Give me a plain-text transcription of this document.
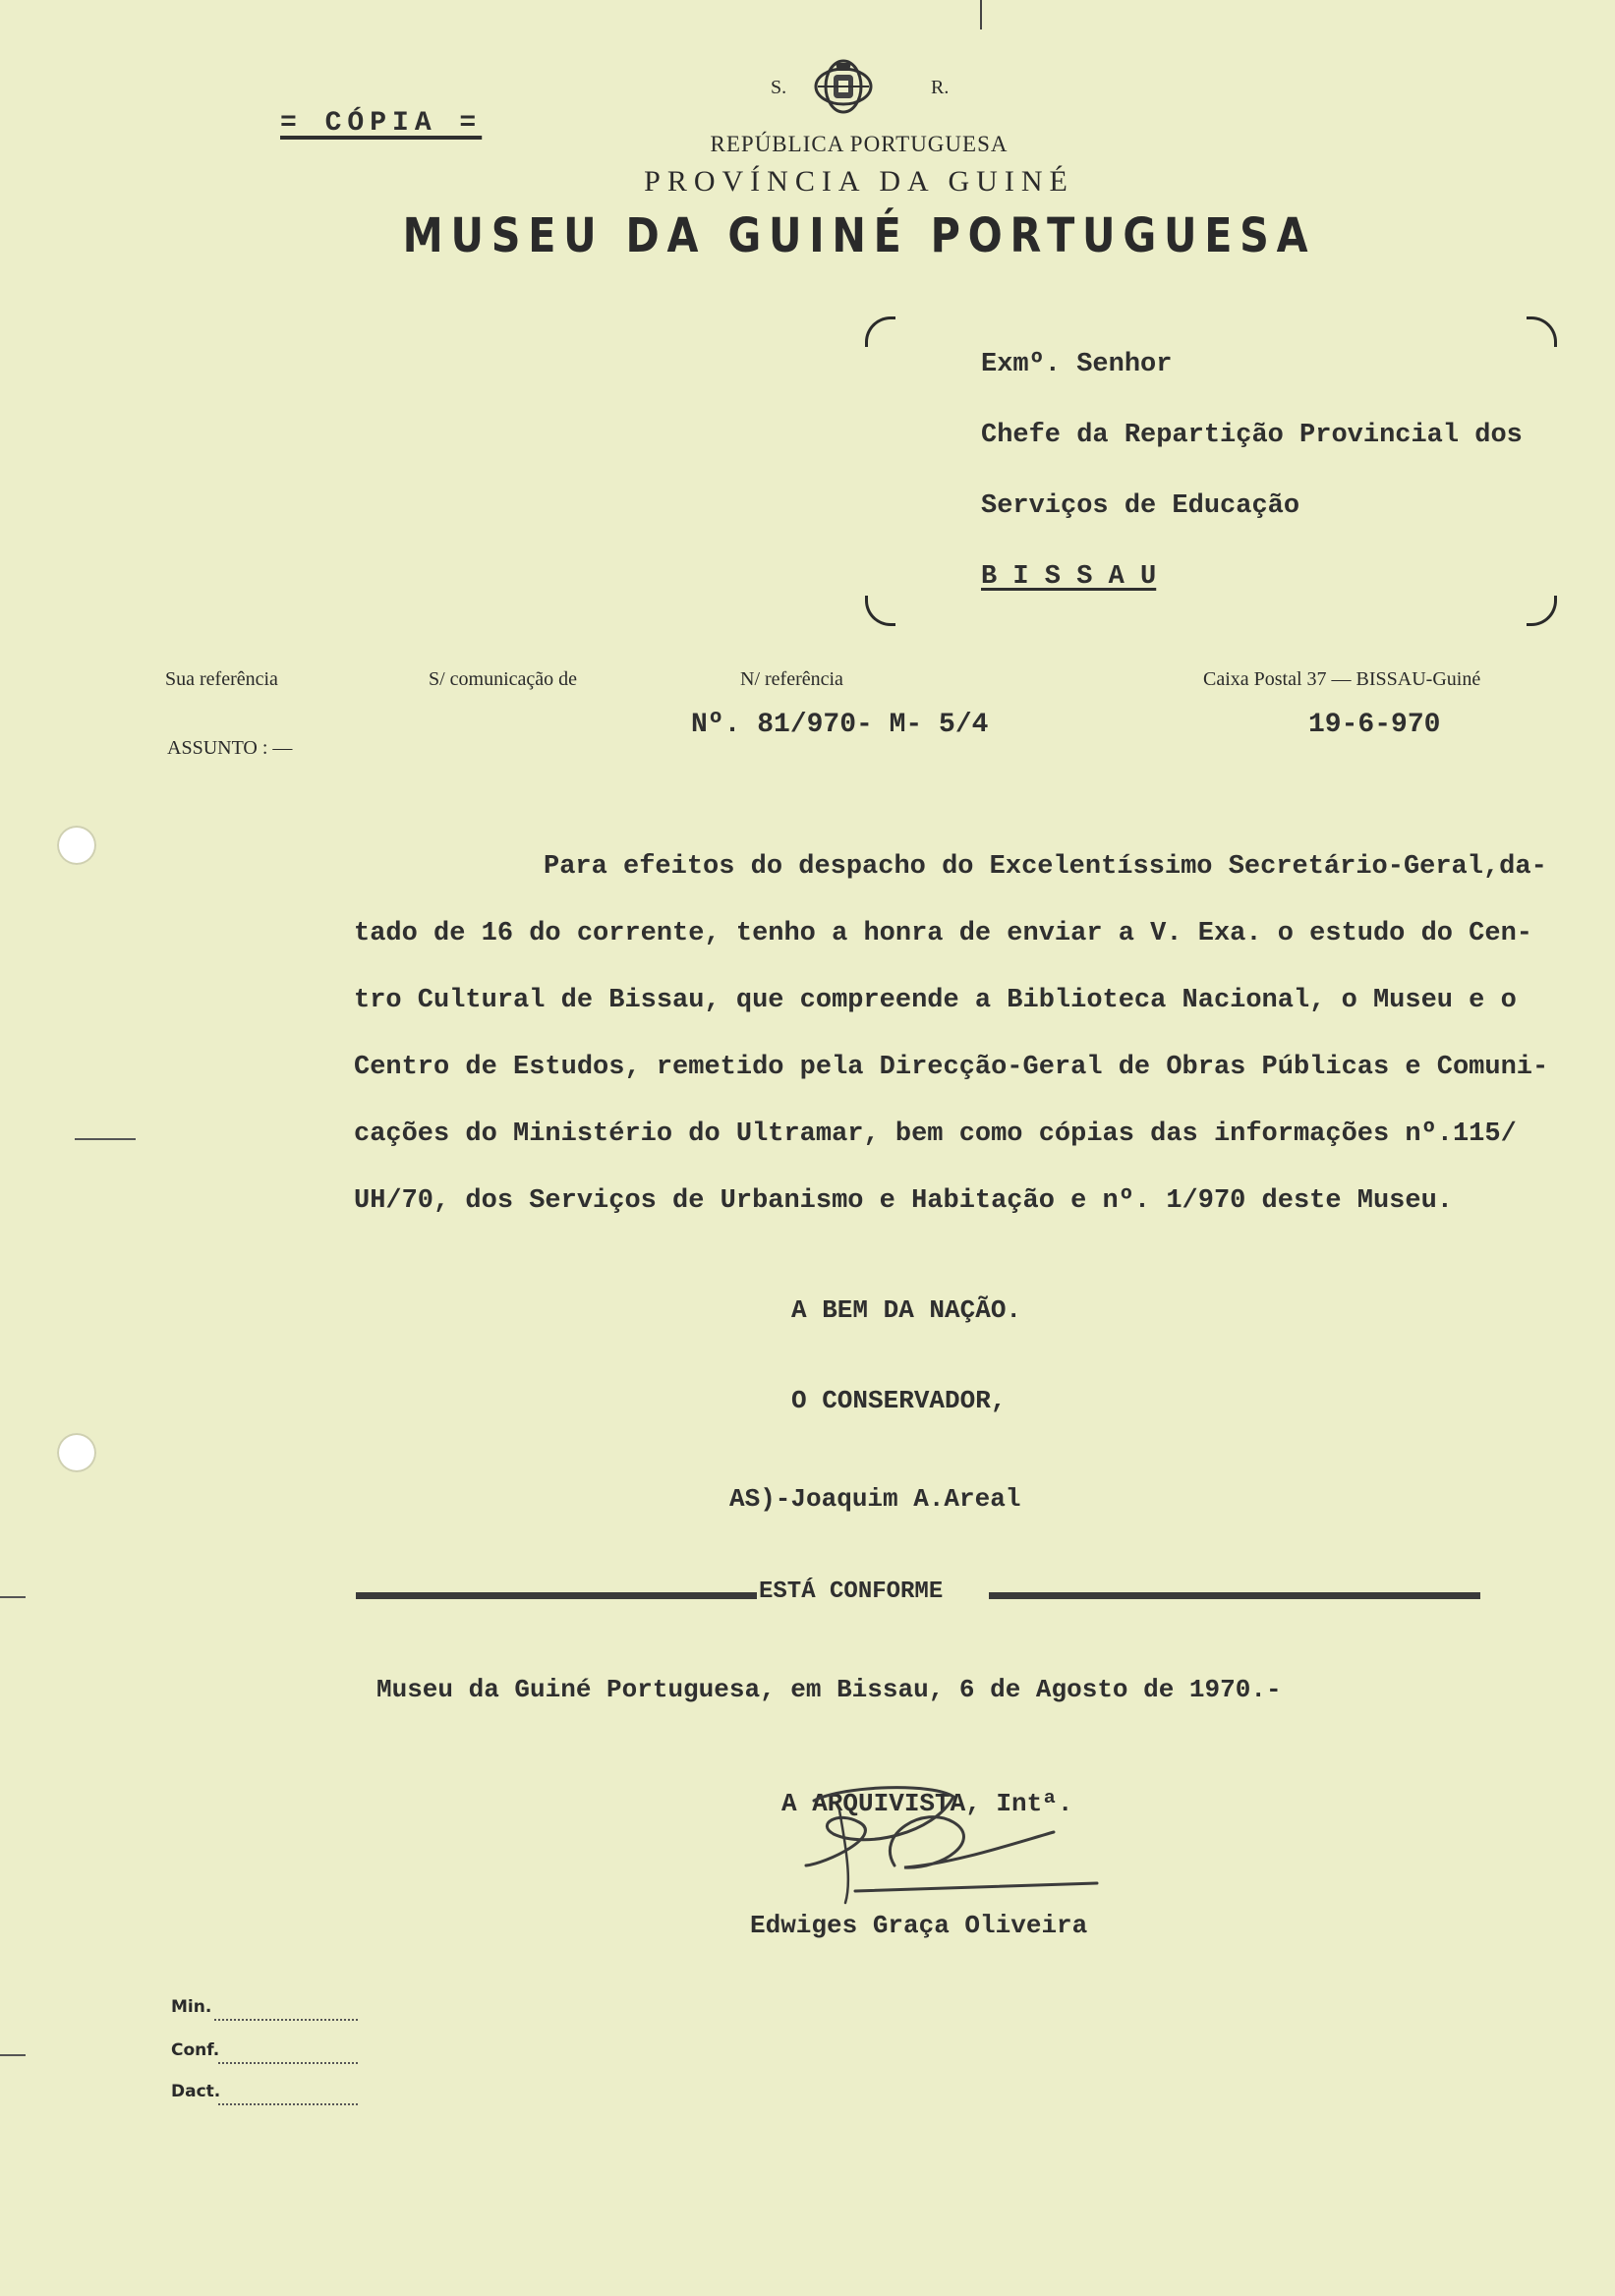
= CÓPIA =
S.	R.
REPÚBLICA PORTUGUESA
PROVÍNCIA DA GUINÉ
MUSEU DA GUINÉ PORTUGUESA
Exmº. Senhor
Chefe da Repartição Provincial dos
Serviços de Educação
B I S S A U
Sua referência	S/ comunicação de	N/ referência	Caixa Postal 37 — BISSAU-Guiné
Nº. 81/970- M- 5/4	19-6-970
ASSUNTO : —
Para efeitos do despacho do Excelentíssimo Secretário-Geral,da-
tado de 16 do corrente, tenho a honra de enviar a V. Exa. o estudo do Cen-
tro Cultural de Bissau, que compreende a Biblioteca Nacional, o Museu e o
Centro de Estudos, remetido pela Direcção-Geral de Obras Públicas e Comuni-
cações do Ministério do Ultramar, bem como cópias das informações nº.115/
UH/70, dos Serviços de Urbanismo e Habitação e nº. 1/970 deste Museu.
A BEM DA NAÇÃO.
O CONSERVADOR,
AS)-Joaquim A.Areal
ESTÁ CONFORME
Museu da Guiné Portuguesa, em Bissau, 6 de Agosto de 1970.-
A ARQUIVISTA, Intª.
Edwiges Graça Oliveira
Min.
Conf.
Dact.
